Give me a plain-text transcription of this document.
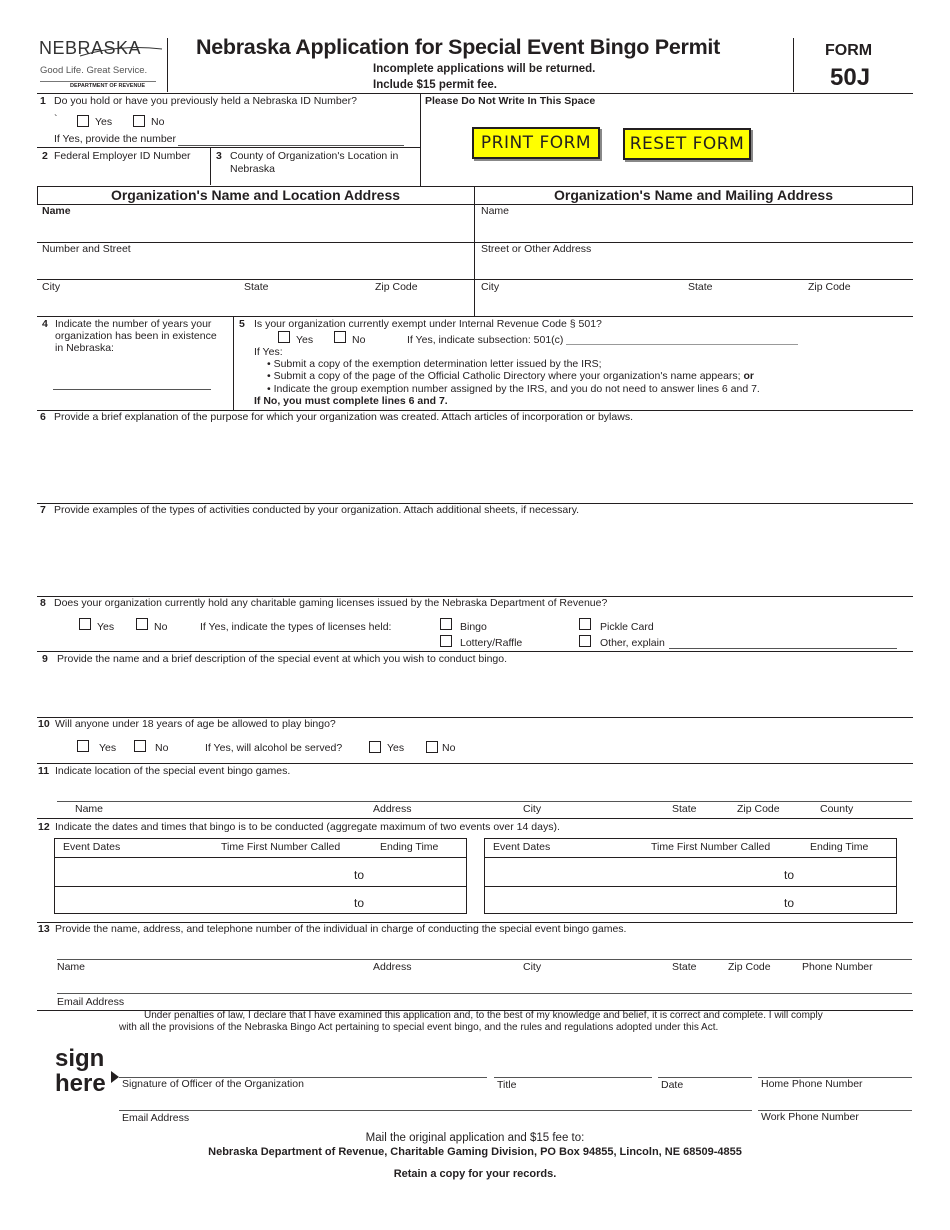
NEBRASKA
Good Life. Great Service.
DEPARTMENT OF REVENUE
Nebraska Application for Special Event Bingo Permit
Incomplete applications will be returned.
Include $15 permit fee.
FORM
50J
1 Do you hold or have you previously held a Nebraska ID Number?
`	Yes	No
If Yes, provide the number
2 Federal Employer ID Number 3 County of Organization's Location in
Nebraska
Please Do Not Write In This Space
PRINT FORM	RESET FORM
Organization's Name and Location Address	Organization's Name and Mailing Address
Name	Name
Number and Street	Street or Other Address
City	State	Zip Code	City	State	Zip Code
4 Indicate the number of years your
organization has been in existence
in Nebraska:
5 Is your organization currently exempt under Internal Revenue Code § 501?
Yes	No	If Yes, indicate subsection: 501(c)
If Yes:
• Submit a copy of the exemption determination letter issued by the IRS;
• Submit a copy of the page of the Official Catholic Directory where your organization's name appears; or
• Indicate the group exemption number assigned by the IRS, and you do not need to answer lines 6 and 7.
If No, you must complete lines 6 and 7.
6 Provide a brief explanation of the purpose for which your organization was created. Attach articles of incorporation or bylaws.
7 Provide examples of the types of activities conducted by your organization. Attach additional sheets, if necessary.
8 Does your organization currently hold any charitable gaming licenses issued by the Nebraska Department of Revenue?
Yes	No	If Yes, indicate the types of licenses held:	Bingo
Lottery/Raffle
Pickle Card
Other, explain
9 Provide the name and a brief description of the special event at which you wish to conduct bingo.
10 Will anyone under 18 years of age be allowed to play bingo?
Yes	No	If Yes, will alcohol be served?	Yes	No
11 Indicate location of the special event bingo games.
Name	Address	City	State	Zip Code	County
12 Indicate the dates and times that bingo is to be conducted (aggregate maximum of two events over 14 days).
Event Dates	Time First Number Called	Ending Time
to
to
Event Dates	Time First Number Called	Ending Time
to
to
13 Provide the name, address, and telephone number of the individual in charge of conducting the special event bingo games.
Name	Address	City	State	Zip Code	Phone Number
Email Address
Under penalties of law, I declare that I have examined this application and, to the best of my knowledge and belief, it is correct and complete. I will comply
with all the provisions of the Nebraska Bingo Act pertaining to special event bingo, and the rules and regulations adopted under this Act.
sign
here Signature of Officer of the Organization	Title	Date	Home Phone Number
Email Address	Work Phone Number
Mail the original application and $15 fee to:
Nebraska Department of Revenue, Charitable Gaming Division, PO Box 94855, Lincoln, NE 68509-4855
Retain a copy for your records.
